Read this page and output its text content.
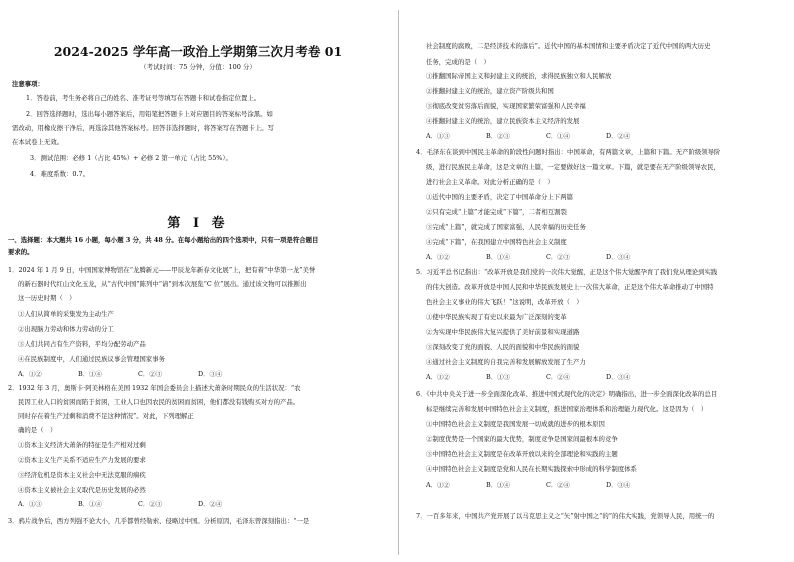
2024-2025 学年高一政治上学期第三次月考卷 01
（考试时间：75 分钟，分值：100 分）
注意事项：
1．答卷前，考生务必将自己的姓名、准考证号等填写在答题卡和试卷指定位置上。
2．回答选择题时，选出每小题答案后，用铅笔把答题卡上对应题目的答案标号涂黑。如
需改动，用橡皮擦干净后，再选涂其他答案标号。回答非选择题时，将答案写在答题卡上。写
在本试卷上无效。
3．测试范围：必修 1（占比 45%）+ 必修 2 第一单元（占比 55%）。
4．难度系数：0.7。
第 I 卷
一、选择题：本大题共 16 小题，每小题 3 分，共 48 分。在每小题给出的四个选项中，只有一项是符合题目
要求的。
1．2024 年 1 月 9 日，中国国家博物馆在“龙腾新元——甲辰龙年新春文化展”上，把有着“中华第一龙”美誉
的新石器时代红山文化玉龙，从“古代中国”陈列中“请”到本次展览“C 位”展出。通过该文物可以推断出
这一历史时期（　）
①人们从简单的采集发为主动生产
②出现脑力劳动和体力劳动的分工
③人们共同占有生产资料，平均分配劳动产品
④在民族制度中，人们通过民族议事会管理国家事务
A．①②	B．①④	C．②③	D．③④
2．1932 年 3 月，奥斯卡·阿美林格在美国 1932 年国会委员会上描述大萧条时期民众的生活状况：“农
民因工业人口的贫困而陷于贫困，工业人口也因农民的贫困而贫困，他们都没有钱购买对方的产品。
同时存在着生产过剩和消费不足这种情况”。对此，下列理解正
确的是（　）
①资本主义经济大萧条的特征是生产相对过剩
②资本主义生产关系不适应生产力发展的要求
③经济危机是资本主义社会中无法克服的痼疾
④资本主义被社会主义取代是历史发展的必然
A．①③	B．①④	C．②③	D．②④
3．鸦片战争后，西方列强不论大小，几乎都曾经勒索、侵略过中国。分析原因，毛泽东曾深刻指出：“一是
社会制度的腐败，二是经济技术的落后”。近代中国的基本国情和主要矛盾决定了近代中国的两大历史
任务，完成的是（　）
①推翻国际帝国主义和封建主义的统治，求得民族独立和人民解放
②推翻封建主义的统治，建立资产阶级共和国
③彻底改变贫穷落后面貌，实现国家繁荣富强和人民幸福
④推翻封建主义的统治，建立民族资本主义经济的发展
A．①③	B．②③	C．①④	D．②④
4．毛泽东在谈到中国民主革命的阶段性问题时指出：中国革命，有两篇文章，上篇和下篇。无产阶级领导阶
级，进行民族民主革命，这是文章的上篇，一定要做好这一篇文章。下篇，就是要在无产阶级领导农民，
进行社会主义革命。对此分析正确的是（　）
①近代中国的主要矛盾，决定了中国革命分上下两篇
②只有完成“上篇”才能完成“下篇”，二者相互割裂
③完成“上篇”，就完成了国家富强、人民幸福的历史任务
④完成“下篇”，在我国建立中国特色社会主义制度
A．①②	B．①④	C．②③	D．③④
5．习近平总书记指出：“改革开放是我们党的一次伟大觉醒，正是这个伟大觉醒孕育了我们党从理论到实践
的伟大创造。改革开放是中国人民和中华民族发展史上一次伟大革命，正是这个伟大革命推动了中国特
色社会主义事业的伟大飞跃！”这说明，改革开放（　）
①使中华民族实现了有史以来最为广泛深刻的变革
②为实现中华民族伟大复兴提供了美好前景和实现道路
③深刻改变了党的面貌、人民的面貌和中华民族的面貌
④通过社会主义制度的自我完善和发展解放发展了生产力
A．①②	B．①③	C．②④	D．③④
6．《中共中央关于进一步全面深化改革、推进中国式现代化的决定》明确指出，进一步全面深化改革的总目
标是继续完善和发展中国特色社会主义制度，推进国家治理体系和治理能力现代化。这是因为（　）
①中国特色社会主义制度是我国发展一切成就的进步的根本原因
②制度优势是一个国家的最大优势，制度竞争是国家间最根本的竞争
③中国特色社会主义制度是在改革开放以来的全部理论和实践的主题
④中国特色社会主义制度是党和人民在长期实践探索中形成的科学制度体系
A．①②	B．①④	C．②④	D．③④
7．一百多年来，中国共产党开展了以马克思主义之“矢”射中国之“的”的伟大实践，党领导人民，用统一的
